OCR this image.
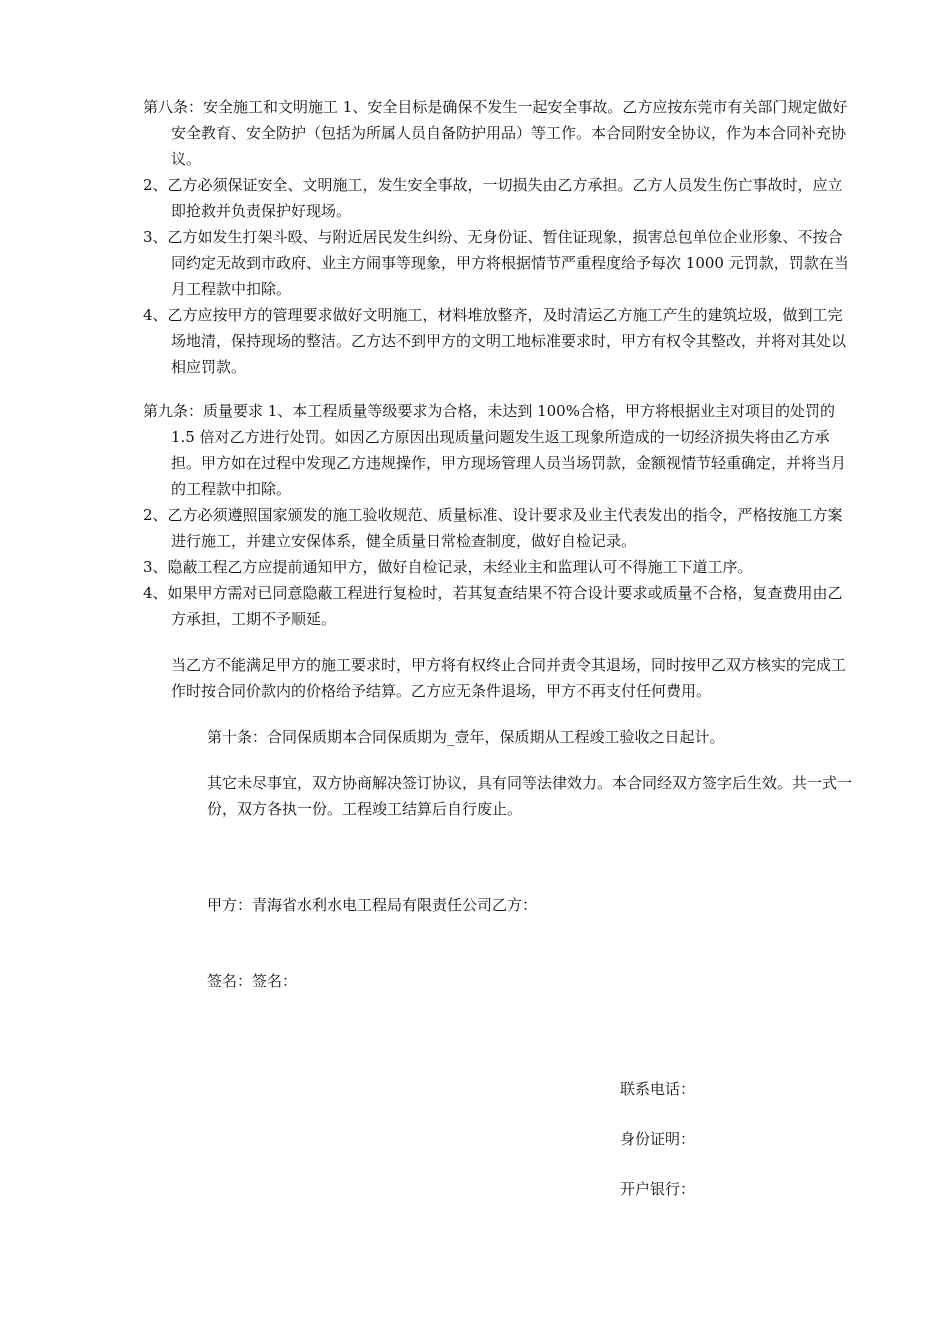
第八条：安全施工和文明施工 1、安全目标是确保不发生一起安全事故。乙方应按东莞市有关部门规定做好安全教育、安全防护（包括为所属人员自备防护用品）等工作。本合同附安全协议，作为本合同补充协议。

2、乙方必须保证安全、文明施工，发生安全事故，一切损失由乙方承担。乙方人员发生伤亡事故时，应立即抢救并负责保护好现场。

3、乙方如发生打架斗殴、与附近居民发生纠纷、无身份证、暂住证现象，损害总包单位企业形象、不按合同约定无故到市政府、业主方闹事等现象，甲方将根据情节严重程度给予每次 1000 元罚款，罚款在当月工程款中扣除。

4、乙方应按甲方的管理要求做好文明施工，材料堆放整齐，及时清运乙方施工产生的建筑垃圾，做到工完场地清，保持现场的整洁。乙方达不到甲方的文明工地标准要求时，甲方有权令其整改，并将对其处以相应罚款。

第九条：质量要求 1、本工程质量等级要求为合格，未达到 100%合格，甲方将根据业主对项目的处罚的 1.5 倍对乙方进行处罚。如因乙方原因出现质量问题发生返工现象所造成的一切经济损失将由乙方承担。甲方如在过程中发现乙方违规操作，甲方现场管理人员当场罚款，金额视情节轻重确定，并将当月的工程款中扣除。

2、乙方必须遵照国家颁发的施工验收规范、质量标准、设计要求及业主代表发出的指令，严格按施工方案进行施工，并建立安保体系，健全质量日常检查制度，做好自检记录。

3、隐蔽工程乙方应提前通知甲方，做好自检记录，未经业主和监理认可不得施工下道工序。

4、如果甲方需对已同意隐蔽工程进行复检时，若其复查结果不符合设计要求或质量不合格，复查费用由乙方承担，工期不予顺延。

当乙方不能满足甲方的施工要求时，甲方将有权终止合同并责令其退场，同时按甲乙双方核实的完成工作时按合同价款内的价格给予结算。乙方应无条件退场，甲方不再支付任何费用。

第十条：合同保质期本合同保质期为_壹年，保质期从工程竣工验收之日起计。

其它未尽事宜，双方协商解决签订协议，具有同等法律效力。本合同经双方签字后生效。共一式一份，双方各执一份。工程竣工结算后自行废止。

甲方：青海省水利水电工程局有限责任公司乙方：

签名：签名：

联系电话：
身份证明：
开户银行：
